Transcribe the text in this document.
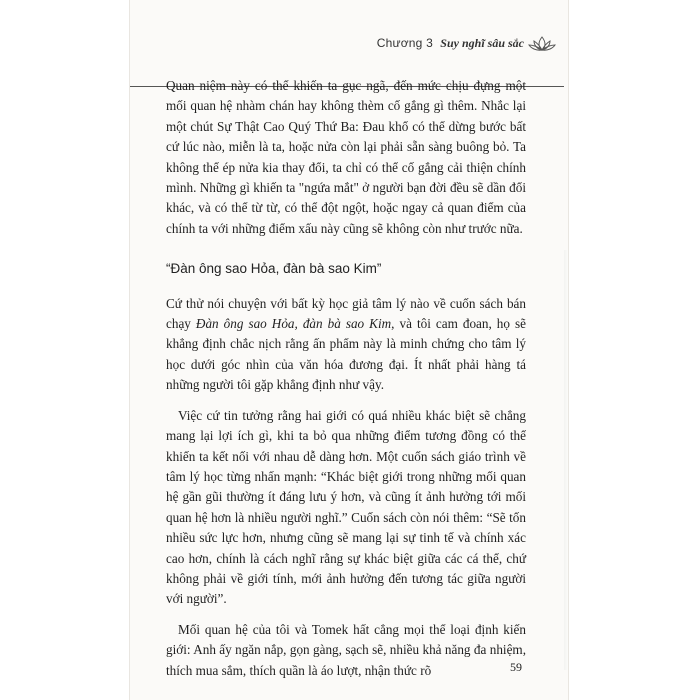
Chương 3 Suy nghĩ sâu sắc

Quan niệm này có thể khiến ta gục ngã, đến mức chịu đựng một mối quan hệ nhàm chán hay không thèm cố gắng gì thêm. Nhắc lại một chút Sự Thật Cao Quý Thứ Ba: Đau khổ có thể dừng bước bất cứ lúc nào, miễn là ta, hoặc nửa còn lại phải sẵn sàng buông bỏ. Ta không thể ép nửa kia thay đổi, ta chỉ có thể cố gắng cải thiện chính mình. Những gì khiến ta "ngứa mắt" ở người bạn đời đều sẽ dần đổi khác, và có thể từ từ, có thể đột ngột, hoặc ngay cả quan điểm của chính ta với những điểm xấu này cũng sẽ không còn như trước nữa.

“Đàn ông sao Hỏa, đàn bà sao Kim”

Cứ thử nói chuyện với bất kỳ học giả tâm lý nào về cuốn sách bán chạy Đàn ông sao Hỏa, đàn bà sao Kim, và tôi cam đoan, họ sẽ khẳng định chắc nịch rằng ấn phẩm này là minh chứng cho tâm lý học dưới góc nhìn của văn hóa đương đại. Ít nhất phải hàng tá những người tôi gặp khẳng định như vậy.

Việc cứ tin tưởng rằng hai giới có quá nhiều khác biệt sẽ chẳng mang lại lợi ích gì, khi ta bỏ qua những điểm tương đồng có thể khiến ta kết nối với nhau dễ dàng hơn. Một cuốn sách giáo trình về tâm lý học từng nhấn mạnh: “Khác biệt giới trong những mối quan hệ gần gũi thường ít đáng lưu ý hơn, và cũng ít ảnh hưởng tới mối quan hệ hơn là nhiều người nghĩ.” Cuốn sách còn nói thêm: “Sẽ tốn nhiều sức lực hơn, nhưng cũng sẽ mang lại sự tinh tế và chính xác cao hơn, chính là cách nghĩ rằng sự khác biệt giữa các cá thể, chứ không phải về giới tính, mới ảnh hưởng đến tương tác giữa người với người”.

Mối quan hệ của tôi và Tomek hất cẳng mọi thể loại định kiến giới: Anh ấy ngăn nắp, gọn gàng, sạch sẽ, nhiều khả năng đa nhiệm, thích mua sắm, thích quần là áo lượt, nhận thức rõ	59
